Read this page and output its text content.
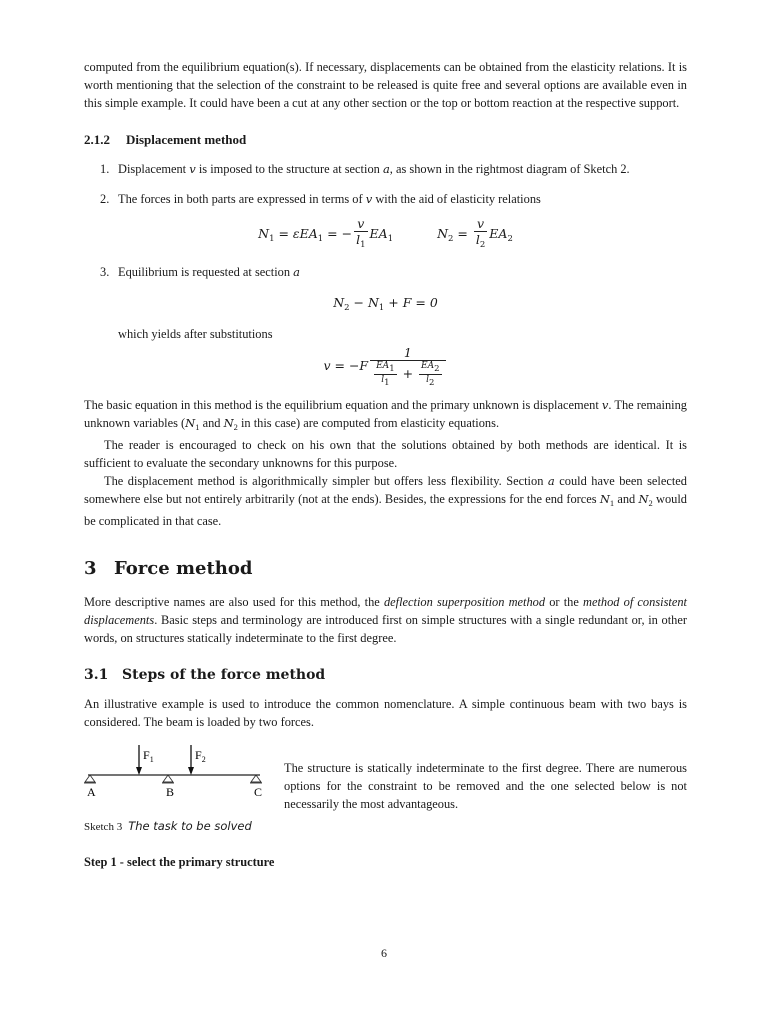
computed from the equilibrium equation(s). If necessary, displacements can be obtained from the elasticity relations. It is worth mentioning that the selection of the constraint to be released is quite free and several options are available even in this simple example. It could have been a cut at any other section or the top or bottom reaction at the respective support.

2.1.2 Displacement method
1. Displacement v is imposed to the structure at section a, as shown in the rightmost diagram of Sketch 2.
2. The forces in both parts are expressed in terms of v with the aid of elasticity relations
$N_1 = \varepsilon EA_1$ = − $\frac{v}{l_1} EA_1$	$N_2 = \frac{v}{l_2} EA_2$
3. Equilibrium is requested at section a
$N_2 - N_1 + F = 0$

which yields after substitutions

$v = -F \frac{1}{\frac{EA1}{l1} + \frac{EA2}{l2}}$

The basic equation in this method is the equilibrium equation and the primary unknown is displacement v. The remaining unknown variables ($N_1$ and $N_2$ in this case) are computed from elasticity equations.

The reader is encouraged to check on his own that the solutions obtained by both methods are identical. It is sufficient to evaluate the secondary unknowns for this purpose.

The displacement method is algorithmically simpler but offers less flexibility. Section a could have been selected somewhere else but not entirely arbitrarily (not at the ends). Besides, the expressions for the end forces $N_1$ and $N_2$ would be complicated in that case.

3 Force method

More descriptive names are also used for this method, the deflection superposition method or the method of consistent displacements. Basic steps and terminology are introduced first on simple structures with a single redundant or, in other words, on structures statically indeterminate to the first degree.

3.1 Steps of the force method

An illustrative example is used to introduce the common nomenclature. A simple continuous beam with two bays is considered. The beam is loaded by two forces.

$F_1$	$F_2$
A	B	C
The structure is statically indeterminate to the first degree. There are numerous options for the constraint to be removed and the one selected below is not necessarily the most advantageous.
Sketch 3 The task to be solved

Step 1 - select the primary structure

6
